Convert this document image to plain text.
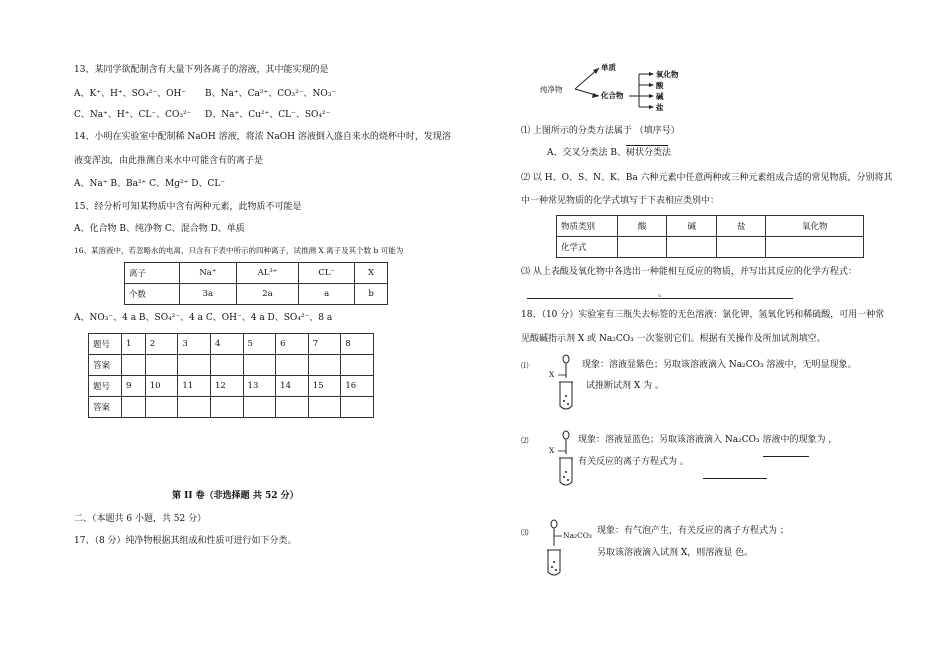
13、某同学欲配制含有大量下列各离子的溶液，其中能实现的是
A、K⁺、H⁺、SO₄²⁻、OH⁻ B、Na⁺、Ca²⁺、CO₃²⁻、NO₃⁻
C、Na⁺、H⁺、CL⁻、CO₃²⁻ D、Na⁺、Cu²⁺、CL⁻、SO₄²⁻
14、小明在实验室中配制稀 NaOH 溶液，将浓 NaOH 溶液倒入盛自来水的烧杯中时，发现溶
液变浑浊，由此推测自来水中可能含有的离子是
A、Na⁺ B、Ba²⁺ C、Mg²⁺ D、CL⁻
15、经分析可知某物质中含有两种元素，此物质不可能是
A、化合物 B、纯净物 C、混合物 D、单质
16、某溶液中，若忽略水的电离，只含有下表中所示的四种离子，试推测 X 离子及其个数 b 可能为
离子	Na⁺	AL³⁺	CL⁻	X
个数	3a	2a	a	b
A、NO₃⁻、4 a B、SO₄²⁻、4 a C、OH⁻、4 a D、SO₄²⁻、8 a
题号	1	2	3	4	5	6	7	8
答案								
题号	9	10	11	12	13	14	15	16
答案								
第 II 卷（非选择题 共 52 分）
二、（本题共 6 小题，共 52 分）
17、（8 分）纯净物根据其组成和性质可进行如下分类。
纯净物
单质
化合物
氧化物
酸
碱
盐
⑴ 上图所示的分类方法属于 （填序号）
A、交叉分类法 B、树状分类法
⑵ 以 H、O、S、N、K、Ba 六种元素中任意两种或三种元素组成合适的常见物质，分别将其
中一种常见物质的化学式填写于下表相应类别中：
物质类别	酸	碱	盐	氧化物
化学式				
⑶ 从上表酸及氧化物中各选出一种能相互反应的物质，并写出其反应的化学方程式：
。
18、（10 分）实验室有三瓶失去标签的无色溶液：氯化钾、氢氧化钙和稀硫酸，可用一种常
见酸碱指示剂 X 或 Na₂CO₃ 一次鉴别它们。根据有关操作及所加试剂填空。
⑴
X
现象：溶液显紫色；另取该溶液滴入 Na₂CO₃ 溶液中，无明显现象。
试推断试剂 X 为 。
⑵
X
现象：溶液显蓝色；另取该溶液滴入 Na₂CO₃ 溶液中的现象为 ，
有关反应的离子方程式为 。
⑶	Na₂CO₃ 现象：有气泡产生，有关反应的离子方程式为 ；
另取该溶液滴入试剂 X，则溶液显 色。
